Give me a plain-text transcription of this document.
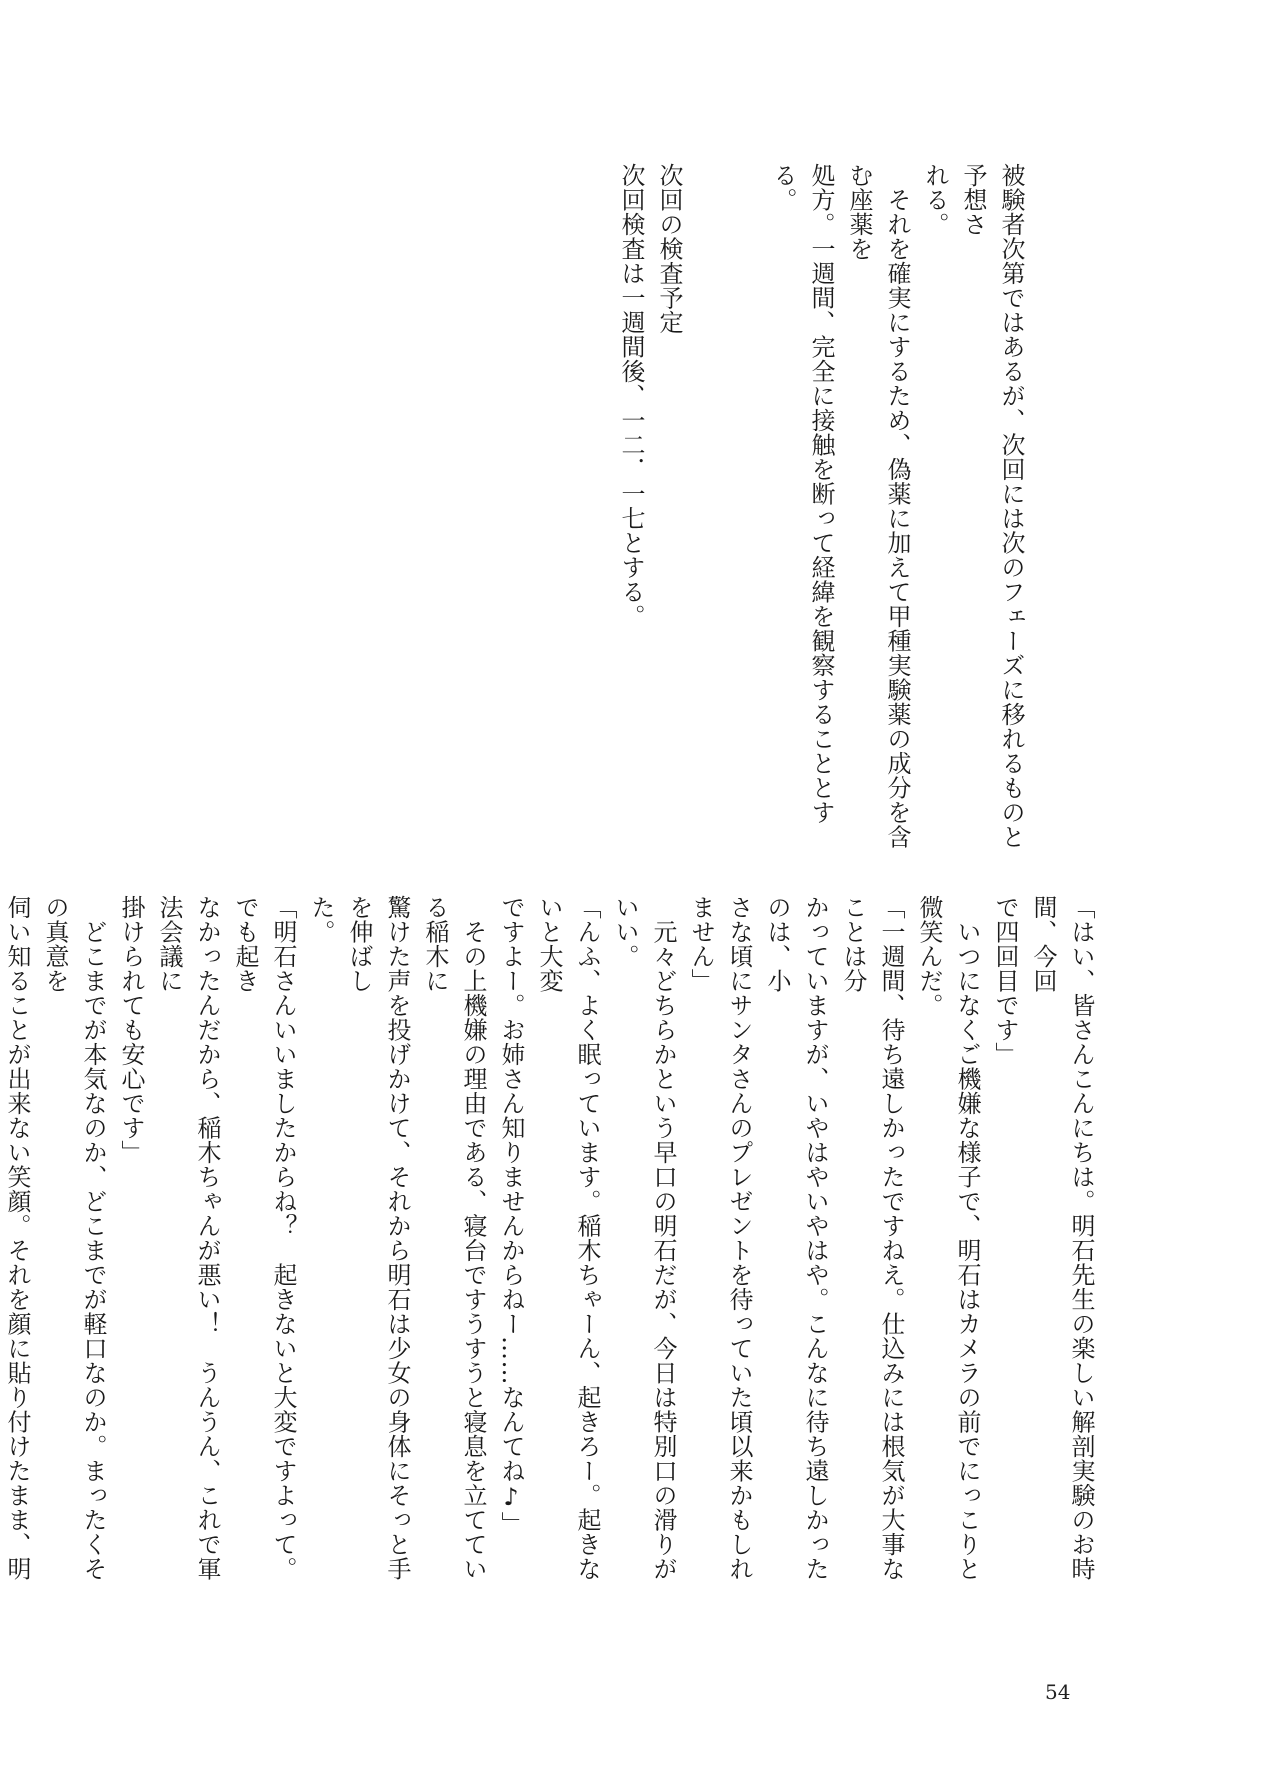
被験者次第ではあるが、次回には次のフェーズに移れるものと予想さ
れる。
　それを確実にするため、偽薬に加えて甲種実験薬の成分を含む座薬を
処方。一週間、完全に接触を断って経緯を観察することとする。

次回の検査予定
次回検査は一週間後、一二．一七とする。
「はい、皆さんこんにちは。明石先生の楽しい解剖実験のお時間、今回
で四回目です」
　いつになくご機嫌な様子で、明石はカメラの前でにっこりと微笑んだ。
「一週間、待ち遠しかったですねえ。仕込みには根気が大事なことは分
かっていますが、いやはやいやはや。こんなに待ち遠しかったのは、小
さな頃にサンタさんのプレゼントを待っていた頃以来かもしれません」
　元々どちらかという早口の明石だが、今日は特別口の滑りがいい。
「んふ、よく眠っています。稲木ちゃーん、起きろー。起きないと大変
ですよー。お姉さん知りませんからねー……なんてね♪」
　その上機嫌の理由である、寝台ですうすうと寝息を立てている稲木に
驚けた声を投げかけて、それから明石は少女の身体にそっと手を伸ばし
た。
「明石さんいいましたからね？　起きないと大変ですよって。でも起き
なかったんだから、稲木ちゃんが悪い！　うんうん、これで軍法会議に
掛けられても安心です」
　どこまでが本気なのか、どこまでが軽口なのか。まったくその真意を
伺い知ることが出来ない笑顔。それを顔に貼り付けたまま、明
54
